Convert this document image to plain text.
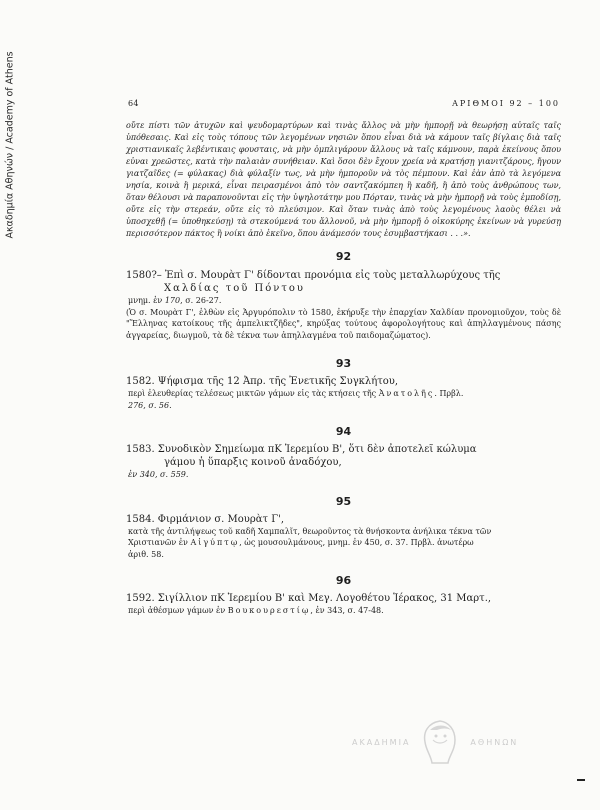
Ακαδημία Αθηνών / Academy of Athens	64	ΑΡΙΘΜΟΙ 92 – 100

οὔτε πίστι τῶν ἀτυχῶν καὶ ψευδομαρτύρων καὶ τινὰς ἄλλος νὰ μὴν ἠμπορῇ νὰ θεωρήσῃ αὐταῖς ταῖς ὑπόθεσαις. Καὶ εἰς τοὺς τόπους τῶν λεγομένων νησιῶν ὅπου εἶναι διὰ νὰ κάμουν ταῖς βίγλαις διὰ ταῖς χριστιανικαῖς λεβέντικαις φουσταις, νὰ μὴν ὀμπλιγάρουν ἄλλους νὰ ταῖς κάμνουν, παρὰ ἐκείνους ὅπου εὐναι χρεῶστες, κατὰ τὴν παλαιὰν συνήθειαν. Καὶ ὅσοι δὲν ἔχουν χρεία νὰ κρατήσῃ γιανιτζάρους, ἤγουν γιατζαῖδες (= φύλακας) διὰ φύλαξίν τως, νὰ μὴν ἠμποροῦν νὰ τὸς πέμπουν. Καὶ ἐὰν ἀπὸ τὰ λεγόμενα νησία, κοινὰ ἢ μερικά, εἶναι πειρασμένοι ἀπὸ τὸν σαντζακόμπεη ἢ καδῆ, ἢ ἀπὸ τοὺς ἀνθρώπους των, ὅταν θέλουσι νὰ παραπονοῦνται εἰς τὴν ὑψηλοτάτην μου Πόρταν, τινὰς νὰ μὴν ἠμπορῇ νὰ τοὺς ἐμποδίσῃ, οὔτε εἰς τὴν στερεάν, οὔτε εἰς τὸ πλεύσιμον. Καὶ ὅταν τινὰς ἀπὸ τοὺς λεγομένους λαοὺς θέλει νὰ ὑποσχεθῇ (= ὑποθηκεύσῃ) τὰ στεκούμενά του ἄλλονοῦ, νὰ μὴν ἠμπορῇ ὁ οἰκοκύρης ἐκείνων νὰ γυρεύσῃ περισσότερον πάκτος ἢ νοίκι ἀπὸ ἐκεῖνο, ὅπου ἀνάμεσόν τους ἐσυμβαστήκασι . . .».

92

1580?– Ἐπὶ σ. Μουρὰτ Γ' δίδονται προνόμια εἰς τοὺς μεταλλωρύχους τῆς

Χαλδίας τοῦ Πόντου

μνημ. ἐν 170, σ. 26-27.

(Ὁ σ. Μουρὰτ Γ', ἐλθὼν εἰς Ἀργυρόπολιν τὸ 1580, ἐκήρυξε τὴν ἐπαρχίαν Χαλδίαν προνομιοῦχον, τοὺς δὲ "Ἕλληνας κατοίκους τῆς ἀμπελικτζῆδες", κηρύξας τούτους ἀφορολογήτους καὶ ἀπηλλαγμένους πάσης ἀγγαρείας, διωγμοῦ, τὰ δὲ τέκνα των ἀπηλλαγμένα τοῦ παιδομαζώματος).

93

1582. Ψήφισμα τῆς 12 Ἀπρ. τῆς Ἐνετικῆς Συγκλήτου,

περὶ ἐλευθερίας τελέσεως μικτῶν γάμων εἰς τὰς κτήσεις τῆς Ἀνατολῆς. Πρβλ.

276, σ. 56.

94

1583. Συνοδικὸν Σημείωμα πΚ Ἱερεμίου Β', ὅτι δὲν ἀποτελεῖ κώλυμα

γάμου ἡ ὕπαρξις κοινοῦ ἀναδόχου,

ἐν 340, σ. 559.

95

1584. Φιρμάνιον σ. Μουρὰτ Γ',

κατὰ τῆς ἀντιλήψεως τοῦ καδῆ Χαμπαλῖτ, θεωροῦντος τὰ θνήσκοντα ἀνήλικα τέκνα τῶν

Χριστιανῶν ἐν Αἰγύπτῳ, ὡς μουσουλμάνους, μνημ. ἐν 450, σ. 37. Πρβλ. ἀνωτέρω

ἀριθ. 58.

96

1592. Σιγίλλιον πΚ Ἱερεμίου Β' καὶ Μεγ. Λογοθέτου Ἱέρακος, 31 Μαρτ.,

περὶ ἀθέσμων γάμων ἐν Βουκουρεστίῳ, ἐν 343, σ. 47-48.

ΑΚΑΔΗΜΙΑ	ΑΘΗΝΩΝ
